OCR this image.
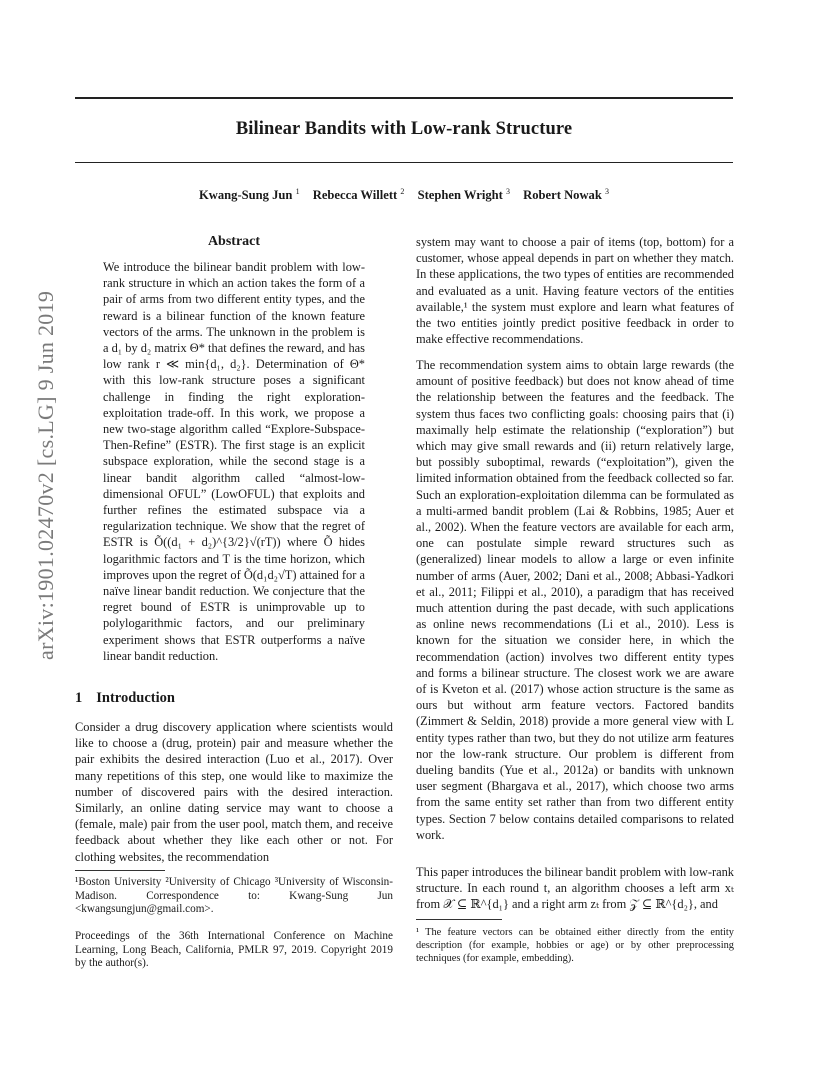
Bilinear Bandits with Low-rank Structure
Kwang-Sung Jun $^1$ Rebecca Willett $^2$ Stephen Wright $^3$ Robert Nowak $^3$
arXiv:1901.02470v2 [cs.LG] 9 Jun 2019
Abstract

We introduce the bilinear bandit problem with low-rank structure in which an action takes the form of a pair of arms from two different entity types, and the reward is a bilinear function of the known feature vectors of the arms. The unknown in the problem is a d₁ by d₂ matrix Θ* that defines the reward, and has low rank r ≪ min{d₁, d₂}. Determination of Θ* with this low-rank structure poses a significant challenge in finding the right exploration-exploitation trade-off. In this work, we propose a new two-stage algorithm called “Explore-Subspace-Then-Refine” (ESTR). The first stage is an explicit subspace exploration, while the second stage is a linear bandit algorithm called “almost-low-dimensional OFUL” (LowOFUL) that exploits and further refines the estimated subspace via a regularization technique. We show that the regret of ESTR is Õ((d₁ + d₂)^{3/2}√(rT)) where Õ hides logarithmic factors and T is the time horizon, which improves upon the regret of Õ(d₁d₂√T) attained for a naïve linear bandit reduction. We conjecture that the regret bound of ESTR is unimprovable up to polylogarithmic factors, and our preliminary experiment shows that ESTR outperforms a naïve linear bandit reduction.

1 Introduction

Consider a drug discovery application where scientists would like to choose a (drug, protein) pair and measure whether the pair exhibits the desired interaction (Luo et al., 2017). Over many repetitions of this step, one would like to maximize the number of discovered pairs with the desired interaction. Similarly, an online dating service may want to choose a (female, male) pair from the user pool, match them, and receive feedback about whether they like each other or not. For clothing websites, the recommendation

¹Boston University ²University of Chicago ³University of Wisconsin-Madison. Correspondence to: Kwang-Sung Jun <kwangsungjun@gmail.com>.
Proceedings of the 36th International Conference on Machine Learning, Long Beach, California, PMLR 97, 2019. Copyright 2019 by the author(s).

system may want to choose a pair of items (top, bottom) for a customer, whose appeal depends in part on whether they match. In these applications, the two types of entities are recommended and evaluated as a unit. Having feature vectors of the entities available,¹ the system must explore and learn what features of the two entities jointly predict positive feedback in order to make effective recommendations.

The recommendation system aims to obtain large rewards (the amount of positive feedback) but does not know ahead of time the relationship between the features and the feedback. The system thus faces two conflicting goals: choosing pairs that (i) maximally help estimate the relationship (“exploration”) but which may give small rewards and (ii) return relatively large, but possibly suboptimal, rewards (“exploitation”), given the limited information obtained from the feedback collected so far. Such an exploration-exploitation dilemma can be formulated as a multi-armed bandit problem (Lai & Robbins, 1985; Auer et al., 2002). When the feature vectors are available for each arm, one can postulate simple reward structures such as (generalized) linear models to allow a large or even infinite number of arms (Auer, 2002; Dani et al., 2008; Abbasi-Yadkori et al., 2011; Filippi et al., 2010), a paradigm that has received much attention during the past decade, with such applications as online news recommendations (Li et al., 2010). Less is known for the situation we consider here, in which the recommendation (action) involves two different entity types and forms a bilinear structure. The closest work we are aware of is Kveton et al. (2017) whose action structure is the same as ours but without arm feature vectors. Factored bandits (Zimmert & Seldin, 2018) provide a more general view with L entity types rather than two, but they do not utilize arm features nor the low-rank structure. Our problem is different from dueling bandits (Yue et al., 2012a) or bandits with unknown user segment (Bhargava et al., 2017), which choose two arms from the same entity set rather than from two different entity types. Section 7 below contains detailed comparisons to related work.

This paper introduces the bilinear bandit problem with low-rank structure. In each round t, an algorithm chooses a left arm xₜ from 𝒳 ⊆ ℝ^{d₁} and a right arm zₜ from 𝒵 ⊆ ℝ^{d₂}, and

¹ The feature vectors can be obtained either directly from the entity description (for example, hobbies or age) or by other preprocessing techniques (for example, embedding).
